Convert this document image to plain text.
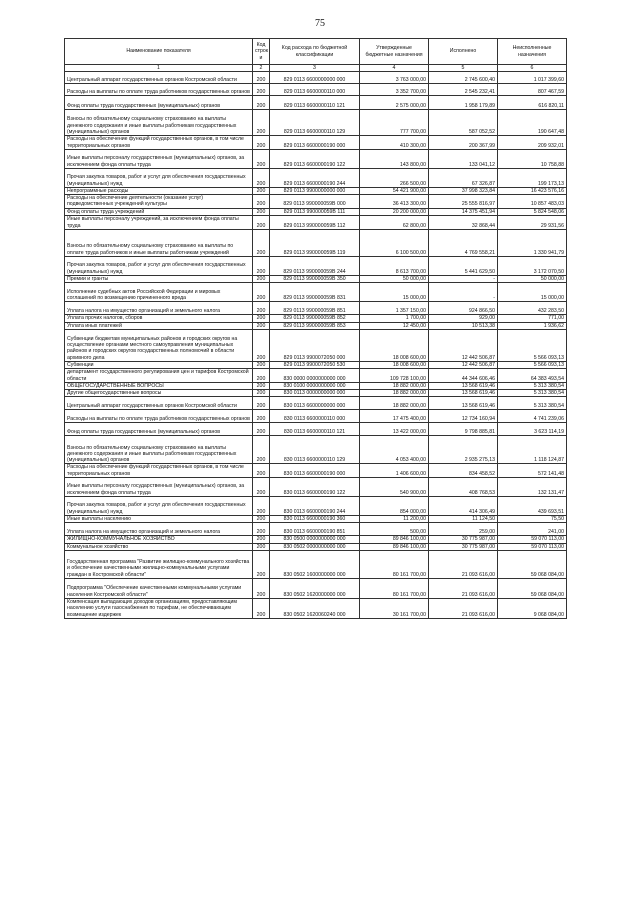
75
Наименование показателя	Код строк и	Код расхода по бюджетной классификации	Утвержденные бюджетные назначения	Исполнено	Неисполненные назначения
1	2	3	4	5	6
Центральный аппарат государственных органов Костромской области	200	829 0113 6600000000 000	3 763 000,00	2 745 600,40	1 017 399,60
Расходы на выплаты по оплате труда работников государственных органов	200	829 0113 6600000110 000	3 352 700,00	2 545 232,41	807 467,59
Фонд оплаты труда государственных (муниципальных) органов	200	829 0113 6600000110 121	2 575 000,00	1 958 179,89	616 820,11
Взносы по обязательному социальному страхованию на выплаты денежного содержания и иные выплаты работникам государственных (муниципальных) органов	200	829 0113 6600000110 129	777 700,00	587 052,52	190 647,48
Расходы на обеспечение функций государственных органов, в том числе территориальных органов	200	829 0113 6600000190 000	410 300,00	200 367,99	209 932,01
Иные выплаты персоналу государственных (муниципальных) органов, за исключением фонда оплаты труда	200	829 0113 6600000190 122	143 800,00	133 041,12	10 758,88
Прочая закупка товаров, работ и услуг для обеспечения государственных (муниципальных) нужд	200	829 0113 6600000190 244	266 500,00	67 326,87	199 173,13
Непрограммные расходы	200	829 0113 9900000000 000	54 421 900,00	37 998 323,84	16 423 576,16
Расходы на обеспечение деятельности (оказание услуг) подведомственных учреждений культуры	200	829 0113 990000059В 000	36 413 300,00	25 555 816,97	10 857 483,03
Фонд оплаты труда учреждений	200	829 0113 990000059В 111	20 200 000,00	14 375 451,94	5 824 548,06
Иные выплаты персоналу учреждений, за исключением фонда оплаты труда	200	829 0113 990000059В 112	62 800,00	32 868,44	29 931,56
Взносы по обязательному социальному страхованию на выплаты по оплате труда работников и иные выплаты работникам учреждений	200	829 0113 990000059В 119	6 100 500,00	4 769 558,21	1 330 941,79
Прочая закупка товаров, работ и услуг для обеспечения государственных (муниципальных) нужд	200	829 0113 990000059В 244	8 613 700,00	5 441 629,50	3 172 070,50
Премии и гранты	200	829 0113 990000059В 350	50 000,00	-	50 000,00
Исполнение судебных актов Российской Федерации и мировых соглашений по возмещению причиненного вреда	200	829 0113 990000059В 831	15 000,00	-	15 000,00
Уплата налога на имущество организаций и земельного налога	200	829 0113 990000059В 851	1 357 150,00	924 866,50	432 283,50
Уплата прочих налогов, сборов	200	829 0113 990000059В 852	1 700,00	929,00	771,00
Уплата иных платежей	200	829 0113 990000059В 853	12 450,00	10 513,38	1 936,62
Субвенции бюджетам муниципальных районов и городских округов на осуществление органами местного самоуправления муниципальных районов и городских округов государственных полномочий в области архивного дела	200	829 0113 9900072050 000	18 008 600,00	12 442 506,87	5 566 093,13
Субвенции	200	829 0113 9900072050 530	18 008 600,00	12 442 506,87	5 566 093,13
департамент государственного регулирования цен и тарифов Костромской области	200	830 0000 0000000000 000	109 728 100,00	44 344 606,46	64 383 493,54
ОБЩЕГОСУДАРСТВЕННЫЕ ВОПРОСЫ	200	830 0100 0000000000 000	18 882 000,00	13 568 619,46	5 313 380,54
Другие общегосударственные вопросы	200	830 0113 0000000000 000	18 882 000,00	13 568 619,46	5 313 380,54
Центральный аппарат государственных органов Костромской области	200	830 0113 6600000000 000	18 882 000,00	13 568 619,46	5 313 380,54
Расходы на выплаты по оплате труда работников государственных органов	200	830 0113 6600000110 000	17 475 400,00	12 734 160,94	4 741 239,06
Фонд оплаты труда государственных (муниципальных) органов	200	830 0113 6600000110 121	13 422 000,00	9 798 885,81	3 623 114,19
Взносы по обязательному социальному страхованию на выплаты денежного содержания и иные выплаты работникам государственных (муниципальных) органов	200	830 0113 6600000110 129	4 053 400,00	2 935 275,13	1 118 124,87
Расходы на обеспечение функций государственных органов, в том числе территориальных органов	200	830 0113 6600000190 000	1 406 600,00	834 458,52	572 141,48
Иные выплаты персоналу государственных (муниципальных) органов, за исключением фонда оплаты труда	200	830 0113 6600000190 122	540 900,00	408 768,53	132 131,47
Прочая закупка товаров, работ и услуг для обеспечения государственных (муниципальных) нужд	200	830 0113 6600000190 244	854 000,00	414 306,49	439 693,51
Иные выплаты населению	200	830 0113 6600000190 360	11 200,00	11 124,50	75,50
Уплата налога на имущество организаций и земельного налога	200	830 0113 6600000190 851	500,00	259,00	241,00
ЖИЛИЩНО-КОММУНАЛЬНОЕ ХОЗЯЙСТВО	200	830 0500 0000000000 000	89 846 100,00	30 775 987,00	59 070 113,00
Коммунальное хозяйство	200	830 0502 0000000000 000	89 846 100,00	30 775 987,00	59 070 113,00
Государственная программа "Развитие жилищно-коммунального хозяйства и обеспечение качественными жилищно-коммунальными услугами граждан в Костромской области"	200	830 0502 1600000000 000	80 161 700,00	21 093 616,00	59 068 084,00
Подпрограмма "Обеспечение качественными коммунальными услугами населения Костромской области"	200	830 0502 1620000000 000	80 161 700,00	21 093 616,00	59 068 084,00
Компенсация выпадающих доходов организациям, предоставляющим населению услуги газоснабжения по тарифам, не обеспечивающим возмещение издержек	200	830 0502 1620060240 000	30 161 700,00	21 093 616,00	9 068 084,00
